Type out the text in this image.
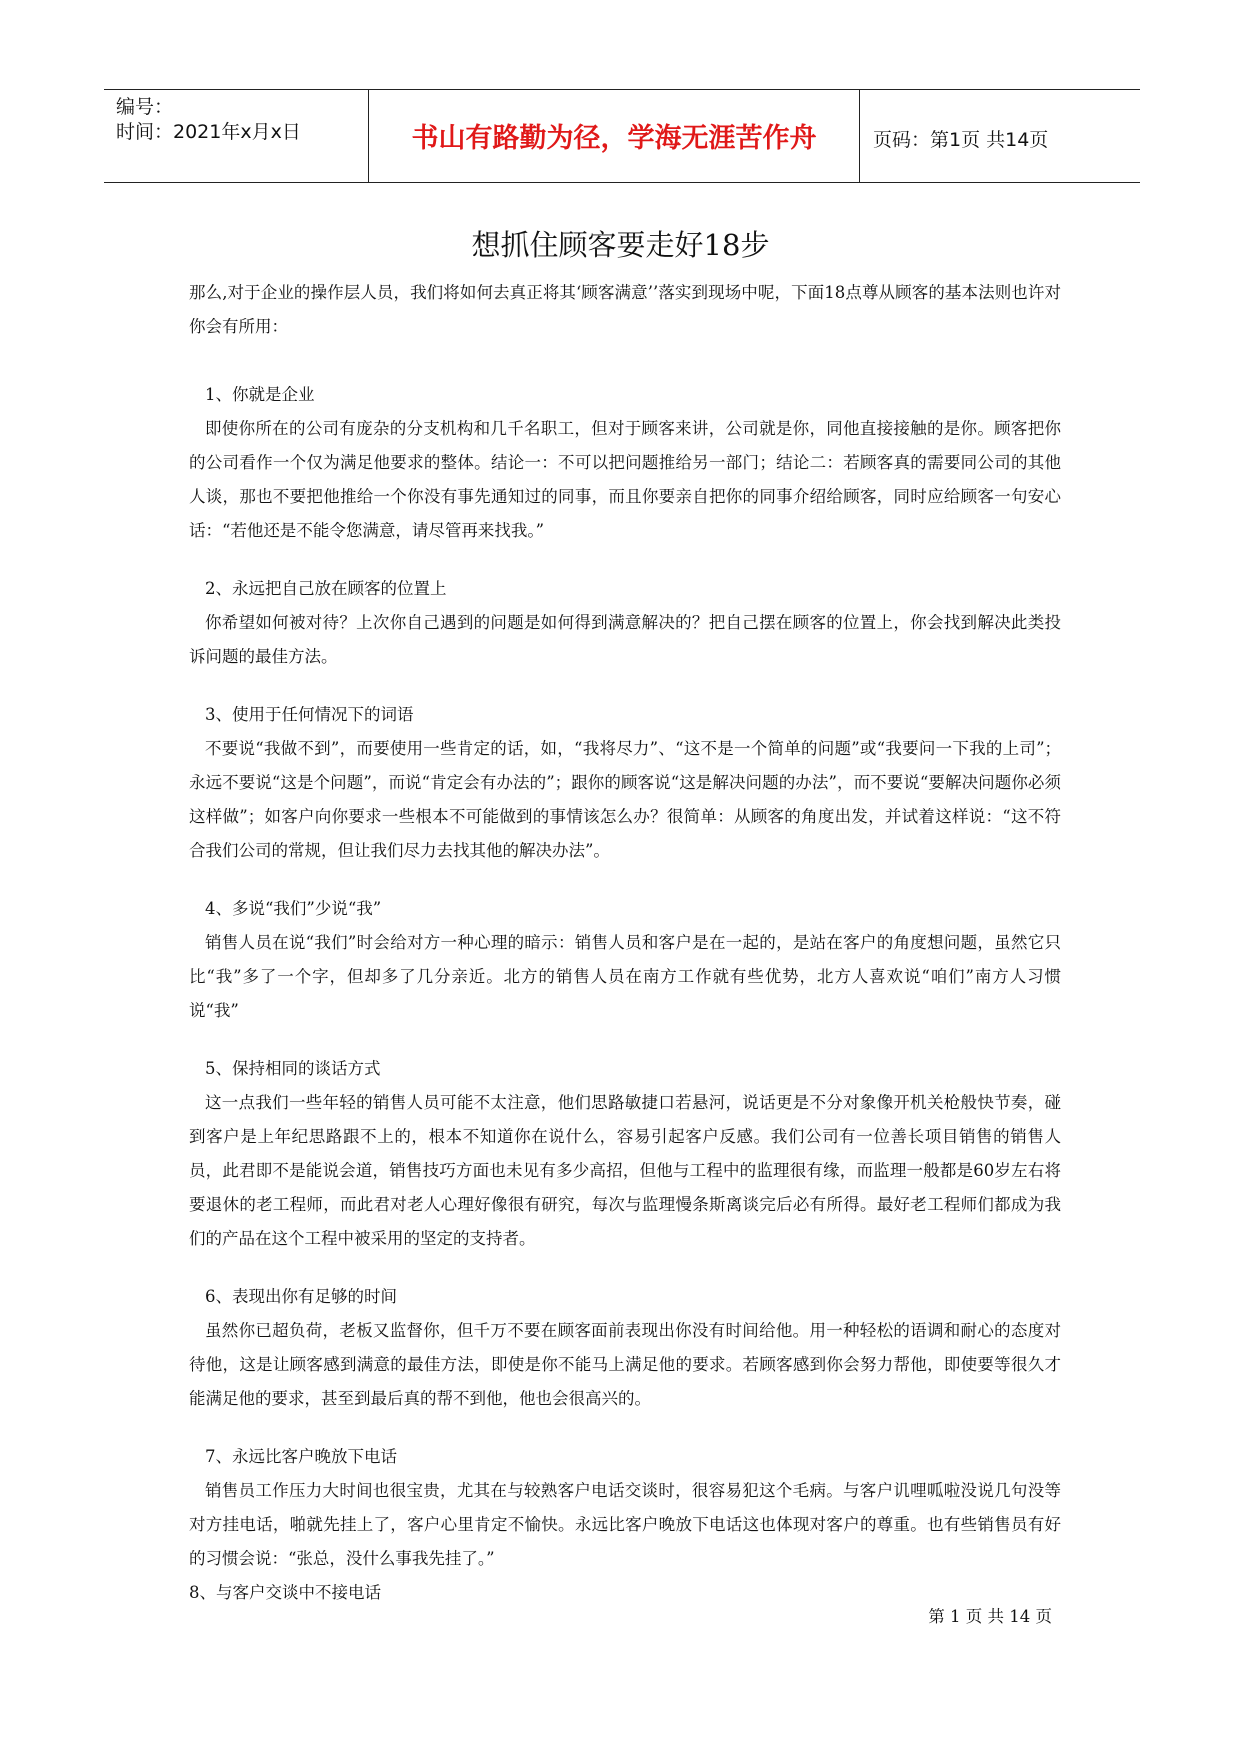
编号：
时间：2021年x月x日	书山有路勤为径，学海无涯苦作舟	页码：第1页 共14页
想抓住顾客要走好18步

那么,对于企业的操作层人员，我们将如何去真正将其‘顾客满意’’落实到现场中呢，下面18点尊从顾客的基本法则也许对你会有所用：

1、你就是企业

即使你所在的公司有庞杂的分支机构和几千名职工，但对于顾客来讲，公司就是你，同他直接接触的是你。顾客把你的公司看作一个仅为满足他要求的整体。结论一：不可以把问题推给另一部门；结论二：若顾客真的需要同公司的其他人谈，那也不要把他推给一个你没有事先通知过的同事，而且你要亲自把你的同事介绍给顾客，同时应给顾客一句安心话：“若他还是不能令您满意，请尽管再来找我。”

2、永远把自己放在顾客的位置上

你希望如何被对待？上次你自己遇到的问题是如何得到满意解决的？把自己摆在顾客的位置上，你会找到解决此类投诉问题的最佳方法。

3、使用于任何情况下的词语

不要说“我做不到”，而要使用一些肯定的话，如，“我将尽力”、“这不是一个简单的问题”或“我要问一下我的上司”；永远不要说“这是个问题”，而说“肯定会有办法的”；跟你的顾客说“这是解决问题的办法”，而不要说“要解决问题你必须这样做”；如客户向你要求一些根本不可能做到的事情该怎么办？很简单：从顾客的角度出发，并试着这样说：“这不符合我们公司的常规，但让我们尽力去找其他的解决办法”。

4、多说“我们”少说“我”

销售人员在说“我们”时会给对方一种心理的暗示：销售人员和客户是在一起的，是站在客户的角度想问题，虽然它只比“我”多了一个字，但却多了几分亲近。北方的销售人员在南方工作就有些优势，北方人喜欢说“咱们”南方人习惯说“我”

5、保持相同的谈话方式

这一点我们一些年轻的销售人员可能不太注意，他们思路敏捷口若悬河，说话更是不分对象像开机关枪般快节奏，碰到客户是上年纪思路跟不上的，根本不知道你在说什么，容易引起客户反感。我们公司有一位善长项目销售的销售人员，此君即不是能说会道，销售技巧方面也未见有多少高招，但他与工程中的监理很有缘，而监理一般都是60岁左右将要退休的老工程师，而此君对老人心理好像很有研究，每次与监理慢条斯离谈完后必有所得。最好老工程师们都成为我们的产品在这个工程中被采用的坚定的支持者。

6、表现出你有足够的时间

虽然你已超负荷，老板又监督你，但千万不要在顾客面前表现出你没有时间给他。用一种轻松的语调和耐心的态度对待他，这是让顾客感到满意的最佳方法，即使是你不能马上满足他的要求。若顾客感到你会努力帮他，即使要等很久才能满足他的要求，甚至到最后真的帮不到他，他也会很高兴的。

7、永远比客户晚放下电话

销售员工作压力大时间也很宝贵，尤其在与较熟客户电话交谈时，很容易犯这个毛病。与客户讥哩呱啦没说几句没等对方挂电话，啪就先挂上了，客户心里肯定不愉快。永远比客户晚放下电话这也体现对客户的尊重。也有些销售员有好的习惯会说：“张总，没什么事我先挂了。”

8、与客户交谈中不接电话

第 1 页 共 14 页
